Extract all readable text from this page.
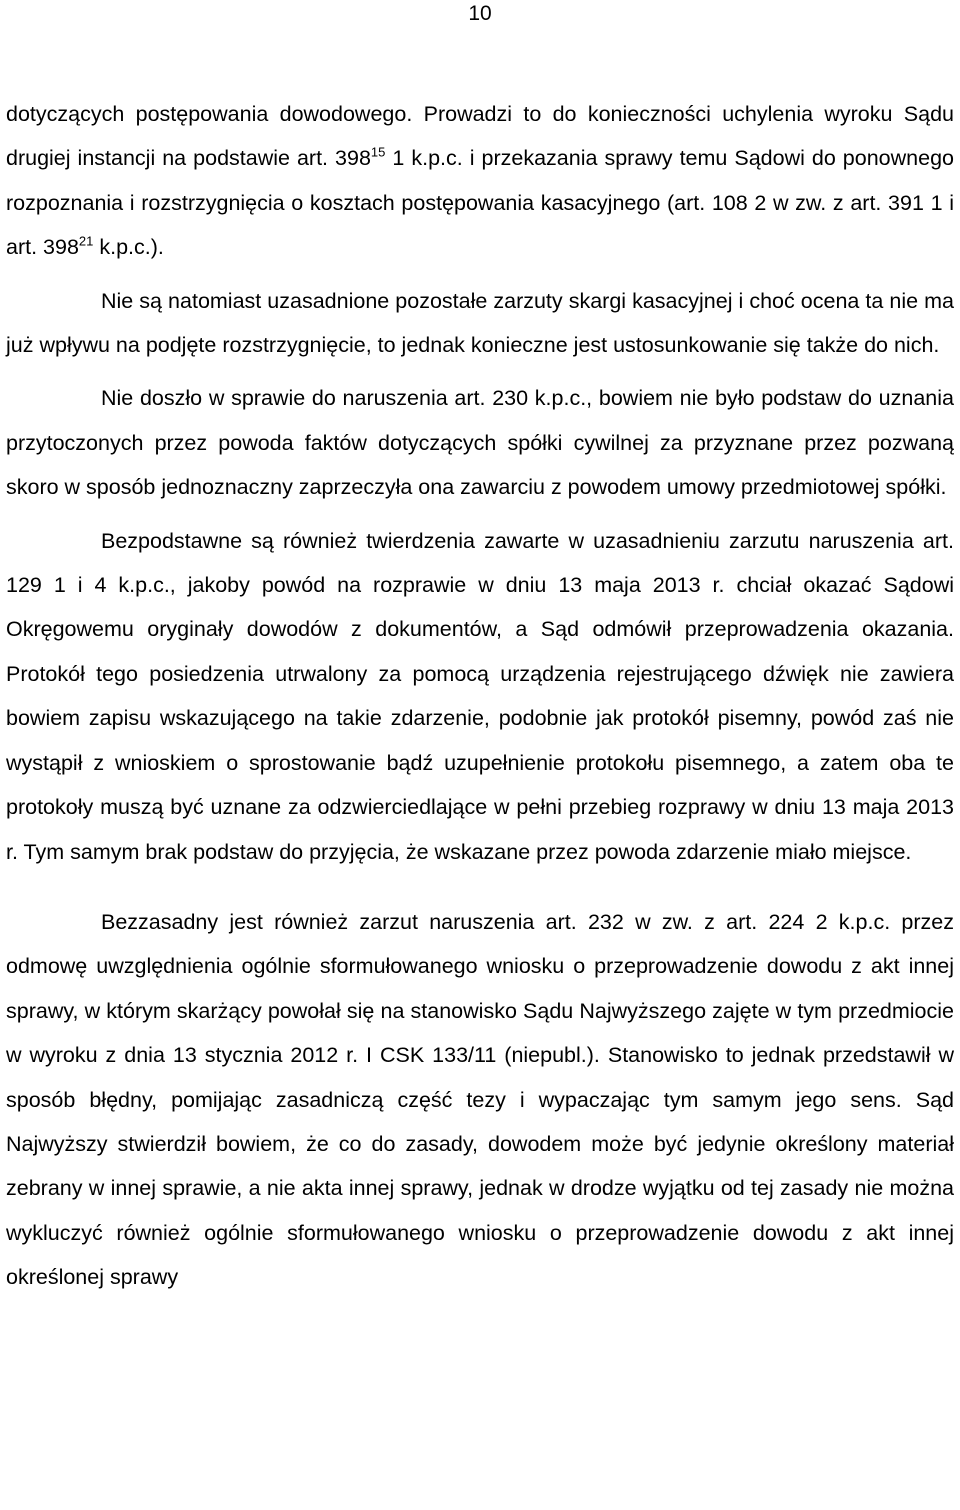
10

dotyczących postępowania dowodowego. Prowadzi to do konieczności uchylenia wyroku Sądu drugiej instancji na podstawie art. $398^{15}$ 1 k.p.c. i przekazania sprawy temu Sądowi do ponownego rozpoznania i rozstrzygnięcia o kosztach postępowania kasacyjnego (art. 108 2 w zw. z art. 391 1 i art. $398^{21}$ k.p.c.).

Nie są natomiast uzasadnione pozostałe zarzuty skargi kasacyjnej i choć ocena ta nie ma już wpływu na podjęte rozstrzygnięcie, to jednak konieczne jest ustosunkowanie się także do nich.

Nie doszło w sprawie do naruszenia art. 230 k.p.c., bowiem nie było podstaw do uznania przytoczonych przez powoda faktów dotyczących spółki cywilnej za przyznane przez pozwaną skoro w sposób jednoznaczny zaprzeczyła ona zawarciu z powodem umowy przedmiotowej spółki.

Bezpodstawne są również twierdzenia zawarte w uzasadnieniu zarzutu naruszenia art. 129 1 i 4 k.p.c., jakoby powód na rozprawie w dniu 13 maja 2013 r. chciał okazać Sądowi Okręgowemu oryginały dowodów z dokumentów, a Sąd odmówił przeprowadzenia okazania. Protokół tego posiedzenia utrwalony za pomocą urządzenia rejestrującego dźwięk nie zawiera bowiem zapisu wskazującego na takie zdarzenie, podobnie jak protokół pisemny, powód zaś nie wystąpił z wnioskiem o sprostowanie bądź uzupełnienie protokołu pisemnego, a zatem oba te protokoły muszą być uznane za odzwierciedlające w pełni przebieg rozprawy w dniu 13 maja 2013 r. Tym samym brak podstaw do przyjęcia, że wskazane przez powoda zdarzenie miało miejsce.

Bezzasadny jest również zarzut naruszenia art. 232 w zw. z art. 224 2 k.p.c. przez odmowę uwzględnienia ogólnie sformułowanego wniosku o przeprowadzenie dowodu z akt innej sprawy, w którym skarżący powołał się na stanowisko Sądu Najwyższego zajęte w tym przedmiocie w wyroku z dnia 13 stycznia 2012 r. I CSK 133/11 (niepubl.). Stanowisko to jednak przedstawił w sposób błędny, pomijając zasadniczą część tezy i wypaczając tym samym jego sens. Sąd Najwyższy stwierdził bowiem, że co do zasady, dowodem może być jedynie określony materiał zebrany w innej sprawie, a nie akta innej sprawy, jednak w drodze wyjątku od tej zasady nie można wykluczyć również ogólnie sformułowanego wniosku o przeprowadzenie dowodu z akt innej określonej sprawy
